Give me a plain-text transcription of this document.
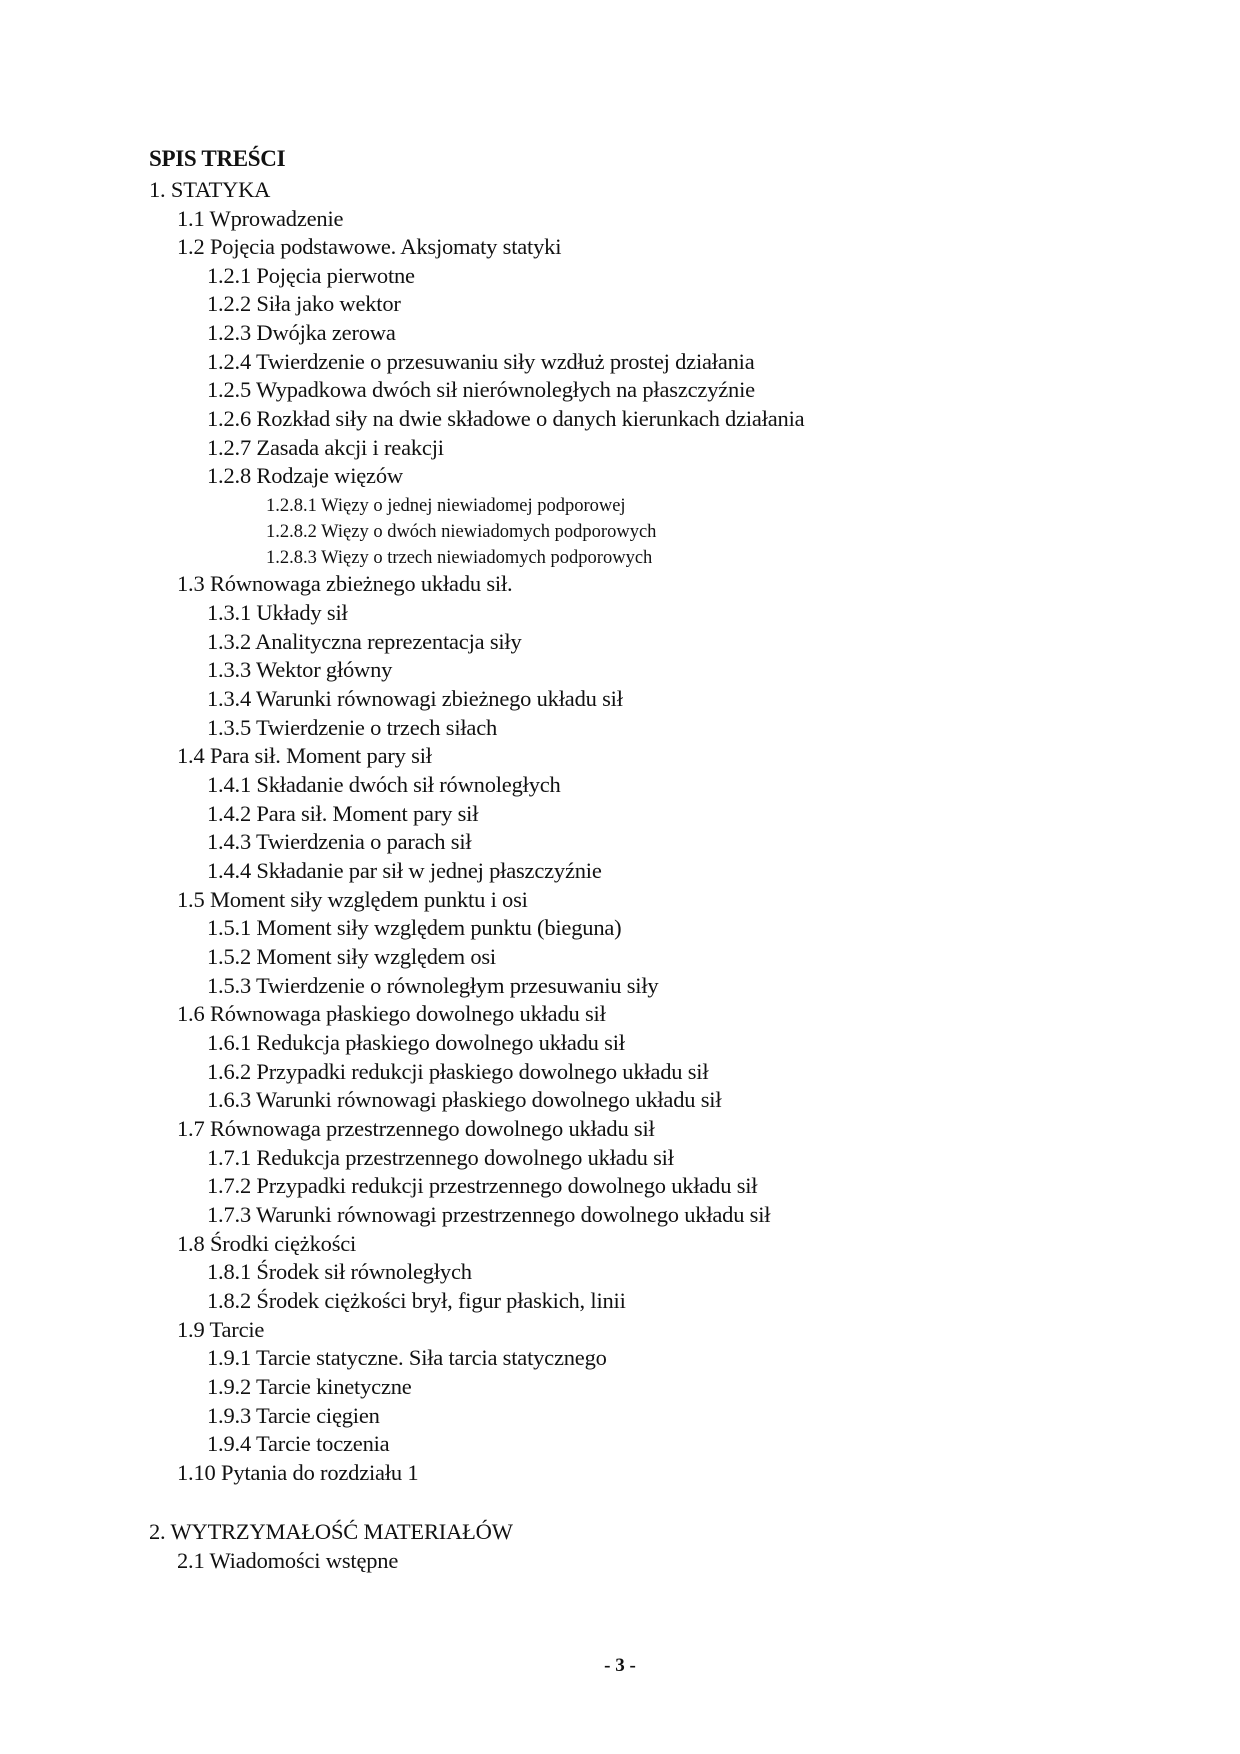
SPIS TREŚCI
1. STATYKA
1.1 Wprowadzenie
1.2 Pojęcia podstawowe. Aksjomaty statyki
1.2.1 Pojęcia pierwotne
1.2.2 Siła jako wektor
1.2.3 Dwójka zerowa
1.2.4 Twierdzenie o przesuwaniu siły wzdłuż prostej działania
1.2.5 Wypadkowa dwóch sił nierównoległych na płaszczyźnie
1.2.6 Rozkład siły na dwie składowe o danych kierunkach działania
1.2.7 Zasada akcji i reakcji
1.2.8 Rodzaje więzów
1.2.8.1 Więzy o jednej niewiadomej podporowej
1.2.8.2 Więzy o dwóch niewiadomych podporowych
1.2.8.3 Więzy o trzech niewiadomych podporowych
1.3 Równowaga zbieżnego układu sił.
1.3.1 Układy sił
1.3.2 Analityczna reprezentacja siły
1.3.3 Wektor główny
1.3.4 Warunki równowagi zbieżnego układu sił
1.3.5 Twierdzenie o trzech siłach
1.4 Para sił. Moment pary sił
1.4.1 Składanie dwóch sił równoległych
1.4.2 Para sił. Moment pary sił
1.4.3 Twierdzenia o parach sił
1.4.4 Składanie par sił w jednej płaszczyźnie
1.5 Moment siły względem punktu i osi
1.5.1 Moment siły względem punktu (bieguna)
1.5.2 Moment siły względem osi
1.5.3 Twierdzenie o równoległym przesuwaniu siły
1.6 Równowaga płaskiego dowolnego układu sił
1.6.1 Redukcja płaskiego dowolnego układu sił
1.6.2 Przypadki redukcji płaskiego dowolnego układu sił
1.6.3 Warunki równowagi płaskiego dowolnego układu sił
1.7 Równowaga przestrzennego dowolnego układu sił
1.7.1 Redukcja przestrzennego dowolnego układu sił
1.7.2 Przypadki redukcji przestrzennego dowolnego układu sił
1.7.3 Warunki równowagi przestrzennego dowolnego układu sił
1.8 Środki ciężkości
1.8.1 Środek sił równoległych
1.8.2 Środek ciężkości brył, figur płaskich, linii
1.9 Tarcie
1.9.1 Tarcie statyczne. Siła tarcia statycznego
1.9.2 Tarcie kinetyczne
1.9.3 Tarcie cięgien
1.9.4 Tarcie toczenia
1.10 Pytania do rozdziału 1
2. WYTRZYMAŁOŚĆ MATERIAŁÓW
2.1 Wiadomości wstępne
- 3 -
